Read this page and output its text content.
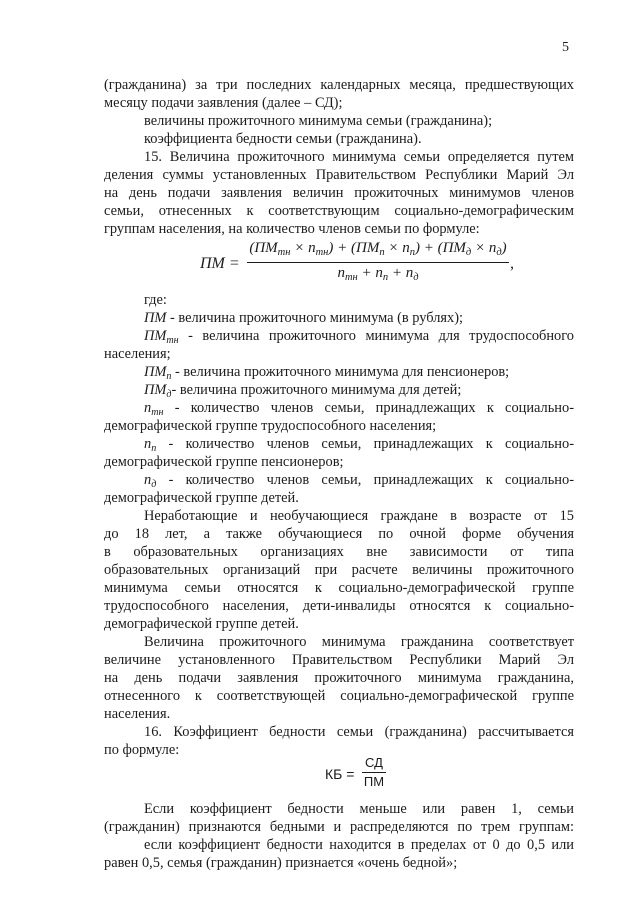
5
(гражданина) за три последних календарных месяца, предшествующих
месяцу подачи заявления (далее – СД);
величины прожиточного минимума семьи (гражданина);
коэффициента бедности семьи (гражданина).
15. Величина прожиточного минимума семьи определяется путем
деления суммы установленных Правительством Республики Марий Эл
на день подачи заявления величин прожиточных минимумов членов
семьи, отнесенных к соответствующим социально-демографическим
группам населения, на количество членов семьи по формуле:
ПМ =
$(ПМ_{тн} \times n_{тн}) + (ПМ_п \times n_п) + (ПМ_д \times n_д)$
$n_{тн} + n_п + n_д$
,
где:
ПМ - величина прожиточного минимума (в рублях);
$ПМ_{тн}$ - величина прожиточного минимума для трудоспособного
населения;
$ПМ_п$ - величина прожиточного минимума для пенсионеров;
$ПМ_д-$ величина прожиточного минимума для детей;
$n_{тн}$ - количество членов семьи, принадлежащих к социально-
демографической группе трудоспособного населения;
$n_п$ - количество членов семьи, принадлежащих к социально-
демографической группе пенсионеров;
$n_д$ - количество членов семьи, принадлежащих к социально-
демографической группе детей.
Неработающие и необучающиеся граждане в возрасте от 15
до 18 лет, а также обучающиеся по очной форме обучения
в образовательных организациях вне зависимости от типа
образовательных организаций при расчете величины прожиточного
минимума семьи относятся к социально-демографической группе
трудоспособного населения, дети-инвалиды относятся к социально-
демографической группе детей.
Величина прожиточного минимума гражданина соответствует
величине установленного Правительством Республики Марий Эл
на день подачи заявления прожиточного минимума гражданина,
отнесенного к соответствующей социально-демографической группе
населения.
16. Коэффициент бедности семьи (гражданина) рассчитывается
по формуле:
КБ =
СД
ПМ
Если коэффициент бедности меньше или равен 1, семьи
(гражданин) признаются бедными и распределяются по трем группам:
если коэффициент бедности находится в пределах от 0 до 0,5 или
равен 0,5, семья (гражданин) признается «очень бедной»;
